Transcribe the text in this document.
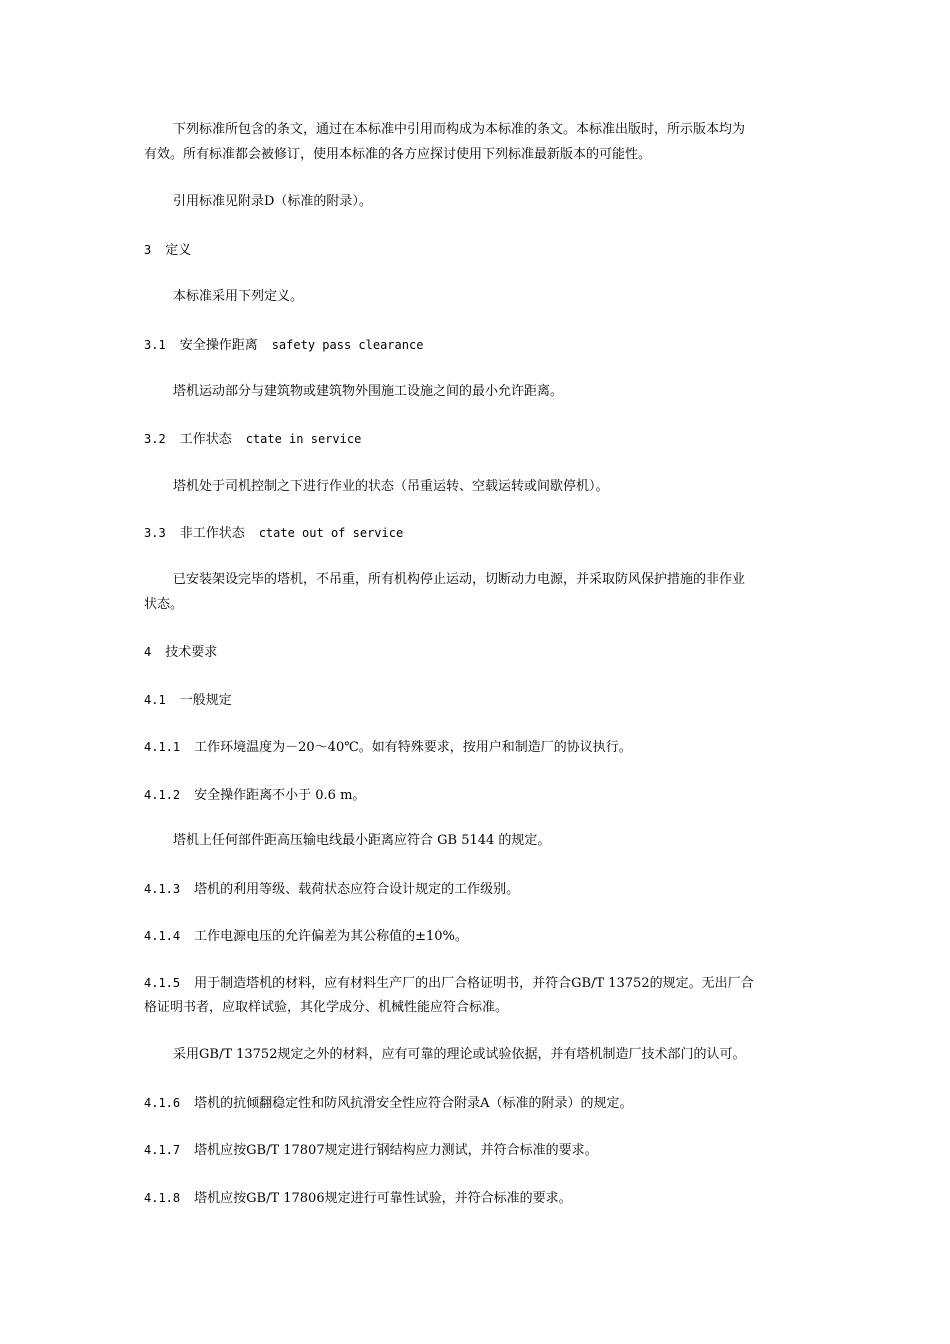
下列标准所包含的条文，通过在本标准中引用而构成为本标准的条文。本标准出版时，所示版本均为
有效。所有标准都会被修订，使用本标准的各方应探讨使用下列标准最新版本的可能性。
引用标准见附录D（标准的附录）。
3 定义
本标准采用下列定义。
3.1 安全操作距离 safety pass clearance
塔机运动部分与建筑物或建筑物外围施工设施之间的最小允许距离。
3.2 工作状态 ctate in service
塔机处于司机控制之下进行作业的状态（吊重运转、空载运转或间歇停机）。
3.3 非工作状态 ctate out of service
已安装架设完毕的塔机，不吊重，所有机构停止运动，切断动力电源，并采取防风保护措施的非作业
状态。
4 技术要求
4.1 一般规定
4.1.1 工作环境温度为－20～40℃。如有特殊要求，按用户和制造厂的协议执行。
4.1.2 安全操作距离不小于 0.6 m。
塔机上任何部件距高压输电线最小距离应符合 GB 5144 的规定。
4.1.3 塔机的利用等级、载荷状态应符合设计规定的工作级别。
4.1.4 工作电源电压的允许偏差为其公称值的±10%。
4.1.5 用于制造塔机的材料，应有材料生产厂的出厂合格证明书，并符合GB/T 13752的规定。无出厂合
格证明书者，应取样试验，其化学成分、机械性能应符合标准。
采用GB/T 13752规定之外的材料，应有可靠的理论或试验依据，并有塔机制造厂技术部门的认可。
4.1.6 塔机的抗倾翻稳定性和防风抗滑安全性应符合附录A（标准的附录）的规定。
4.1.7 塔机应按GB/T 17807规定进行钢结构应力测试，并符合标准的要求。
4.1.8 塔机应按GB/T 17806规定进行可靠性试验，并符合标准的要求。
